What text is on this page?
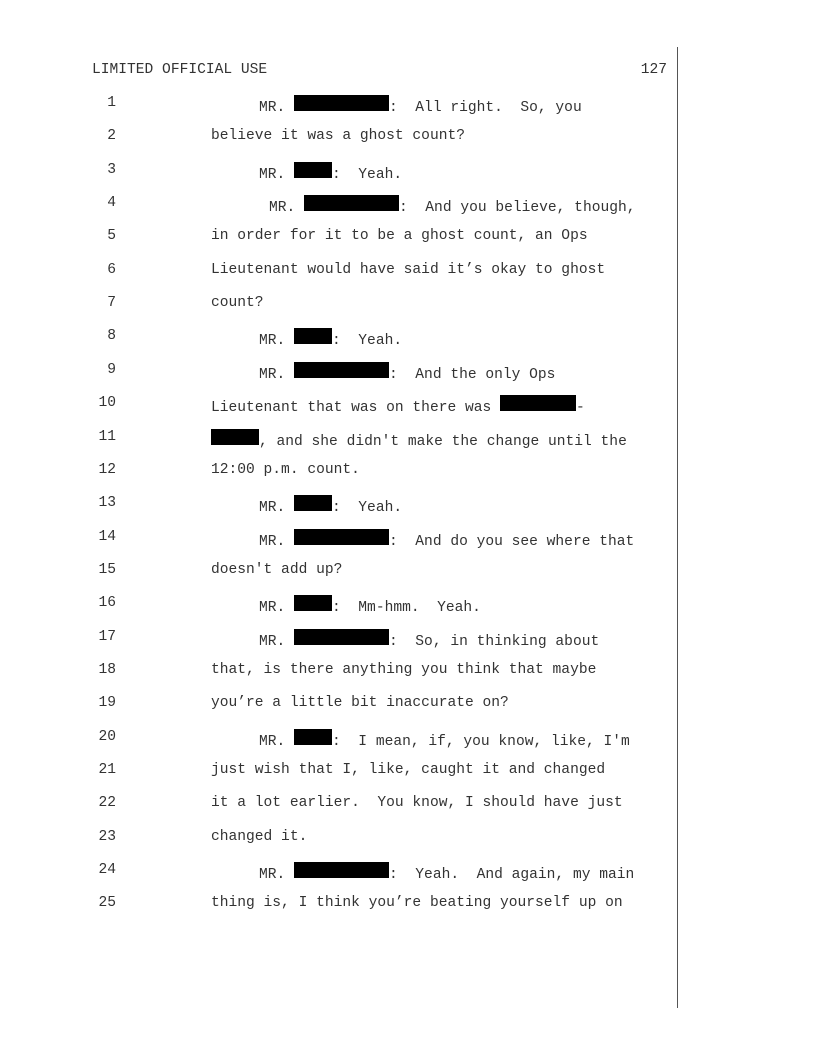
LIMITED OFFICIAL USE	127
1	MR.	:  All right.  So, you
2	believe it was a ghost count?
3	MR.	:  Yeah.
4	MR.	:  And you believe, though,
5	in order for it to be a ghost count, an Ops
6	Lieutenant would have said it’s okay to ghost
7	count?
8	MR.	:  Yeah.
9	MR.	:  And the only Ops
10	Lieutenant that was on there was	-
11	, and she didn't make the change until the
12	12:00 p.m. count.
13	MR.	:  Yeah.
14	MR.	:  And do you see where that
15	doesn't add up?
16	MR.	:  Mm-hmm.  Yeah.
17	MR.	:  So, in thinking about
18	that, is there anything you think that maybe
19	you’re a little bit inaccurate on?
20	MR.	:  I mean, if, you know, like, I'm
21	just wish that I, like, caught it and changed
22	it a lot earlier.  You know, I should have just
23	changed it.
24	MR.	:  Yeah.  And again, my main
25	thing is, I think you’re beating yourself up on
